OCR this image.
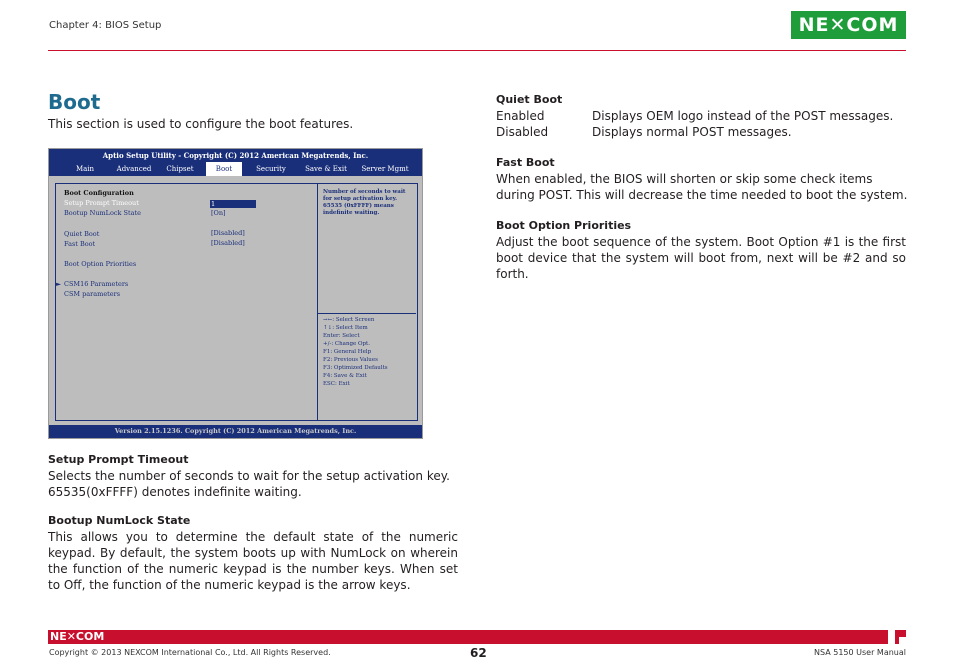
Chapter 4: BIOS Setup	NE✕COM
Boot
This section is used to configure the boot features.
Aptio Setup Utility - Copyright (C) 2012 American Megatrends, Inc.
Main	Advanced	Chipset	Boot	Security	Save & Exit	Server Mgmt
Boot Configuration
Setup Prompt Timeout	1
Bootup NumLock State	[On]
Quiet Boot	[Disabled]
Fast Boot	[Disabled]
Boot Option Priorities
► CSM16 Parameters
CSM parameters
Number of seconds to wait for setup activation key. 65535 (0xFFFF) means indefinite waiting.
→←: Select Screen
↑↓: Select Item
Enter: Select
+/-: Change Opt.
F1: General Help
F2: Previous Values
F3: Optimized Defaults
F4: Save & Exit
ESC: Exit
Version 2.15.1236. Copyright (C) 2012 American Megatrends, Inc.
Setup Prompt Timeout
Selects the number of seconds to wait for the setup activation key.
65535(0xFFFF) denotes indefinite waiting.
Bootup NumLock State
This allows you to determine the default state of the numeric keypad. By default, the system boots up with NumLock on wherein the function of the numeric keypad is the number keys. When set to Off, the function of the numeric keypad is the arrow keys.
Quiet Boot
Enabled	Displays OEM logo instead of the POST messages.
Disabled	Displays normal POST messages.
Fast Boot
When enabled, the BIOS will shorten or skip some check items during POST. This will decrease the time needed to boot the system.
Boot Option Priorities
Adjust the boot sequence of the system. Boot Option #1 is the first boot device that the system will boot from, next will be #2 and so forth.
NE✕COM
Copyright © 2013 NEXCOM International Co., Ltd. All Rights Reserved.	62	NSA 5150 User Manual
